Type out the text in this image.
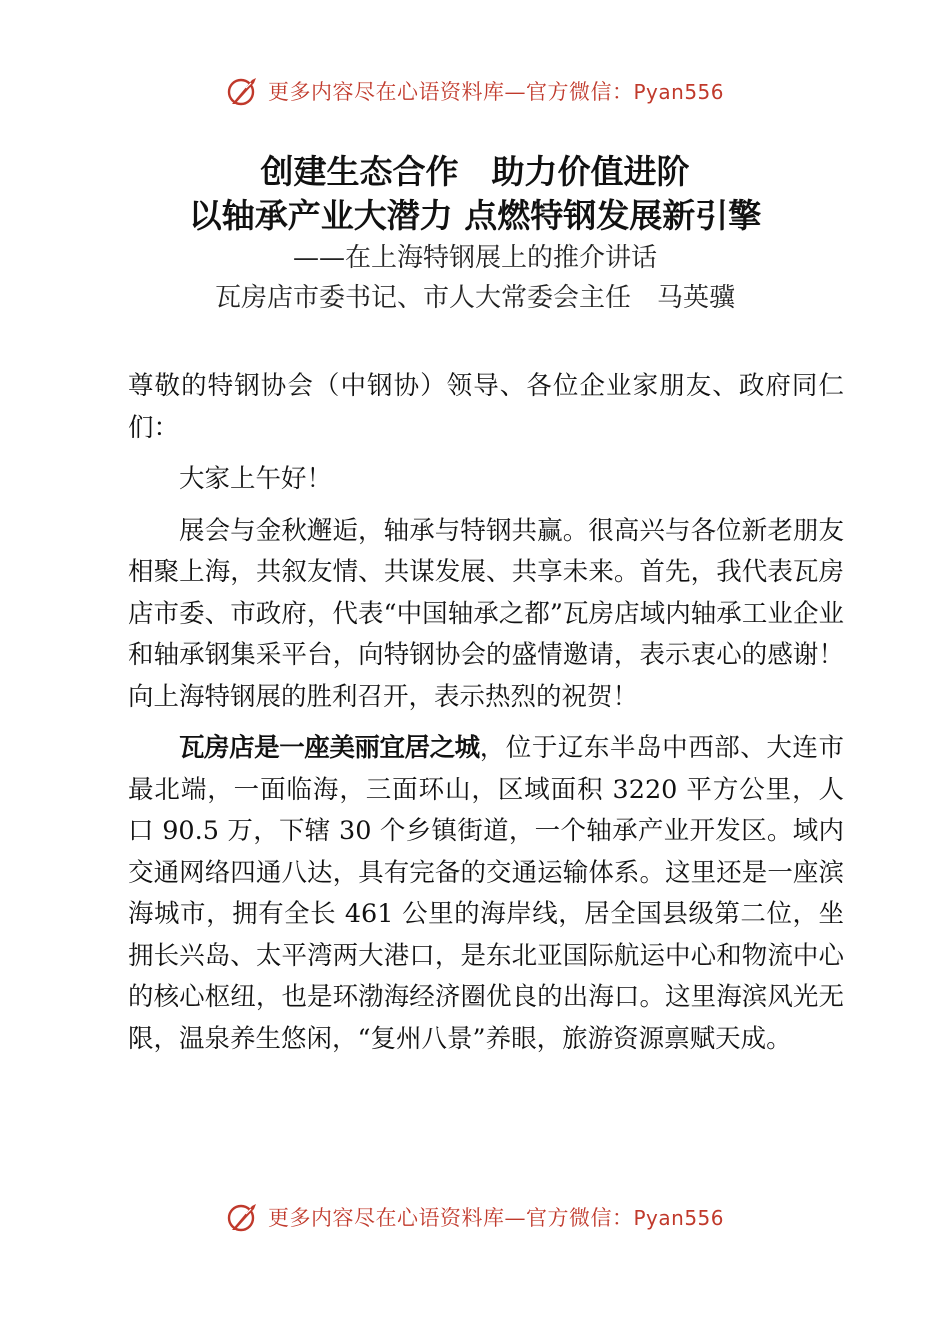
更多内容尽在心语资料库—官方微信：Pyan556
创建生态合作　助力价值进阶
以轴承产业大潜力 点燃特钢发展新引擎
——在上海特钢展上的推介讲话
瓦房店市委书记、市人大常委会主任　马英骥

尊敬的特钢协会（中钢协）领导、各位企业家朋友、政府同仁们：

大家上午好！

展会与金秋邂逅，轴承与特钢共赢。很高兴与各位新老朋友相聚上海，共叙友情、共谋发展、共享未来。首先，我代表瓦房店市委、市政府，代表“中国轴承之都”瓦房店域内轴承工业企业和轴承钢集采平台，向特钢协会的盛情邀请，表示衷心的感谢！向上海特钢展的胜利召开，表示热烈的祝贺！

瓦房店是一座美丽宜居之城，位于辽东半岛中西部、大连市最北端，一面临海，三面环山，区域面积 3220 平方公里，人口 90.5 万，下辖 30 个乡镇街道，一个轴承产业开发区。域内交通网络四通八达，具有完备的交通运输体系。这里还是一座滨海城市，拥有全长 461 公里的海岸线，居全国县级第二位，坐拥长兴岛、太平湾两大港口，是东北亚国际航运中心和物流中心的核心枢纽，也是环渤海经济圈优良的出海口。这里海滨风光无限，温泉养生悠闲，“复州八景”养眼，旅游资源禀赋天成。

更多内容尽在心语资料库—官方微信：Pyan556
